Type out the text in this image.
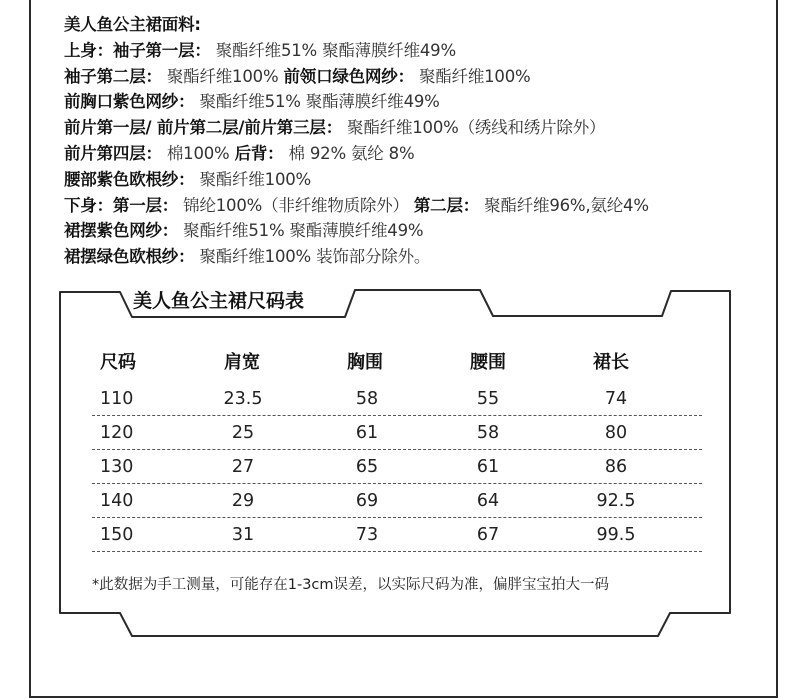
美人鱼公主裙面料:
上身：袖子第一层： 聚酯纤维51% 聚酯薄膜纤维49%
袖子第二层： 聚酯纤维100% 前领口绿色网纱： 聚酯纤维100%
前胸口紫色网纱： 聚酯纤维51% 聚酯薄膜纤维49%
前片第一层/ 前片第二层/前片第三层： 聚酯纤维100%（绣线和绣片除外）
前片第四层： 棉100% 后背： 棉 92% 氨纶 8%
腰部紫色欧根纱： 聚酯纤维100%
下身：第一层： 锦纶100%（非纤维物质除外） 第二层： 聚酯纤维96%,氨纶4%
裙摆紫色网纱： 聚酯纤维51% 聚酯薄膜纤维49%
裙摆绿色欧根纱： 聚酯纤维100% 装饰部分除外。
美人鱼公主裙尺码表
尺码	肩宽	胸围	腰围	裙长
110	23.5	58	55	74
120	25	61	58	80
130	27	65	61	86
140	29	69	64	92.5
150	31	73	67	99.5
*此数据为手工测量，可能存在1-3cm误差，以实际尺码为准，偏胖宝宝拍大一码
